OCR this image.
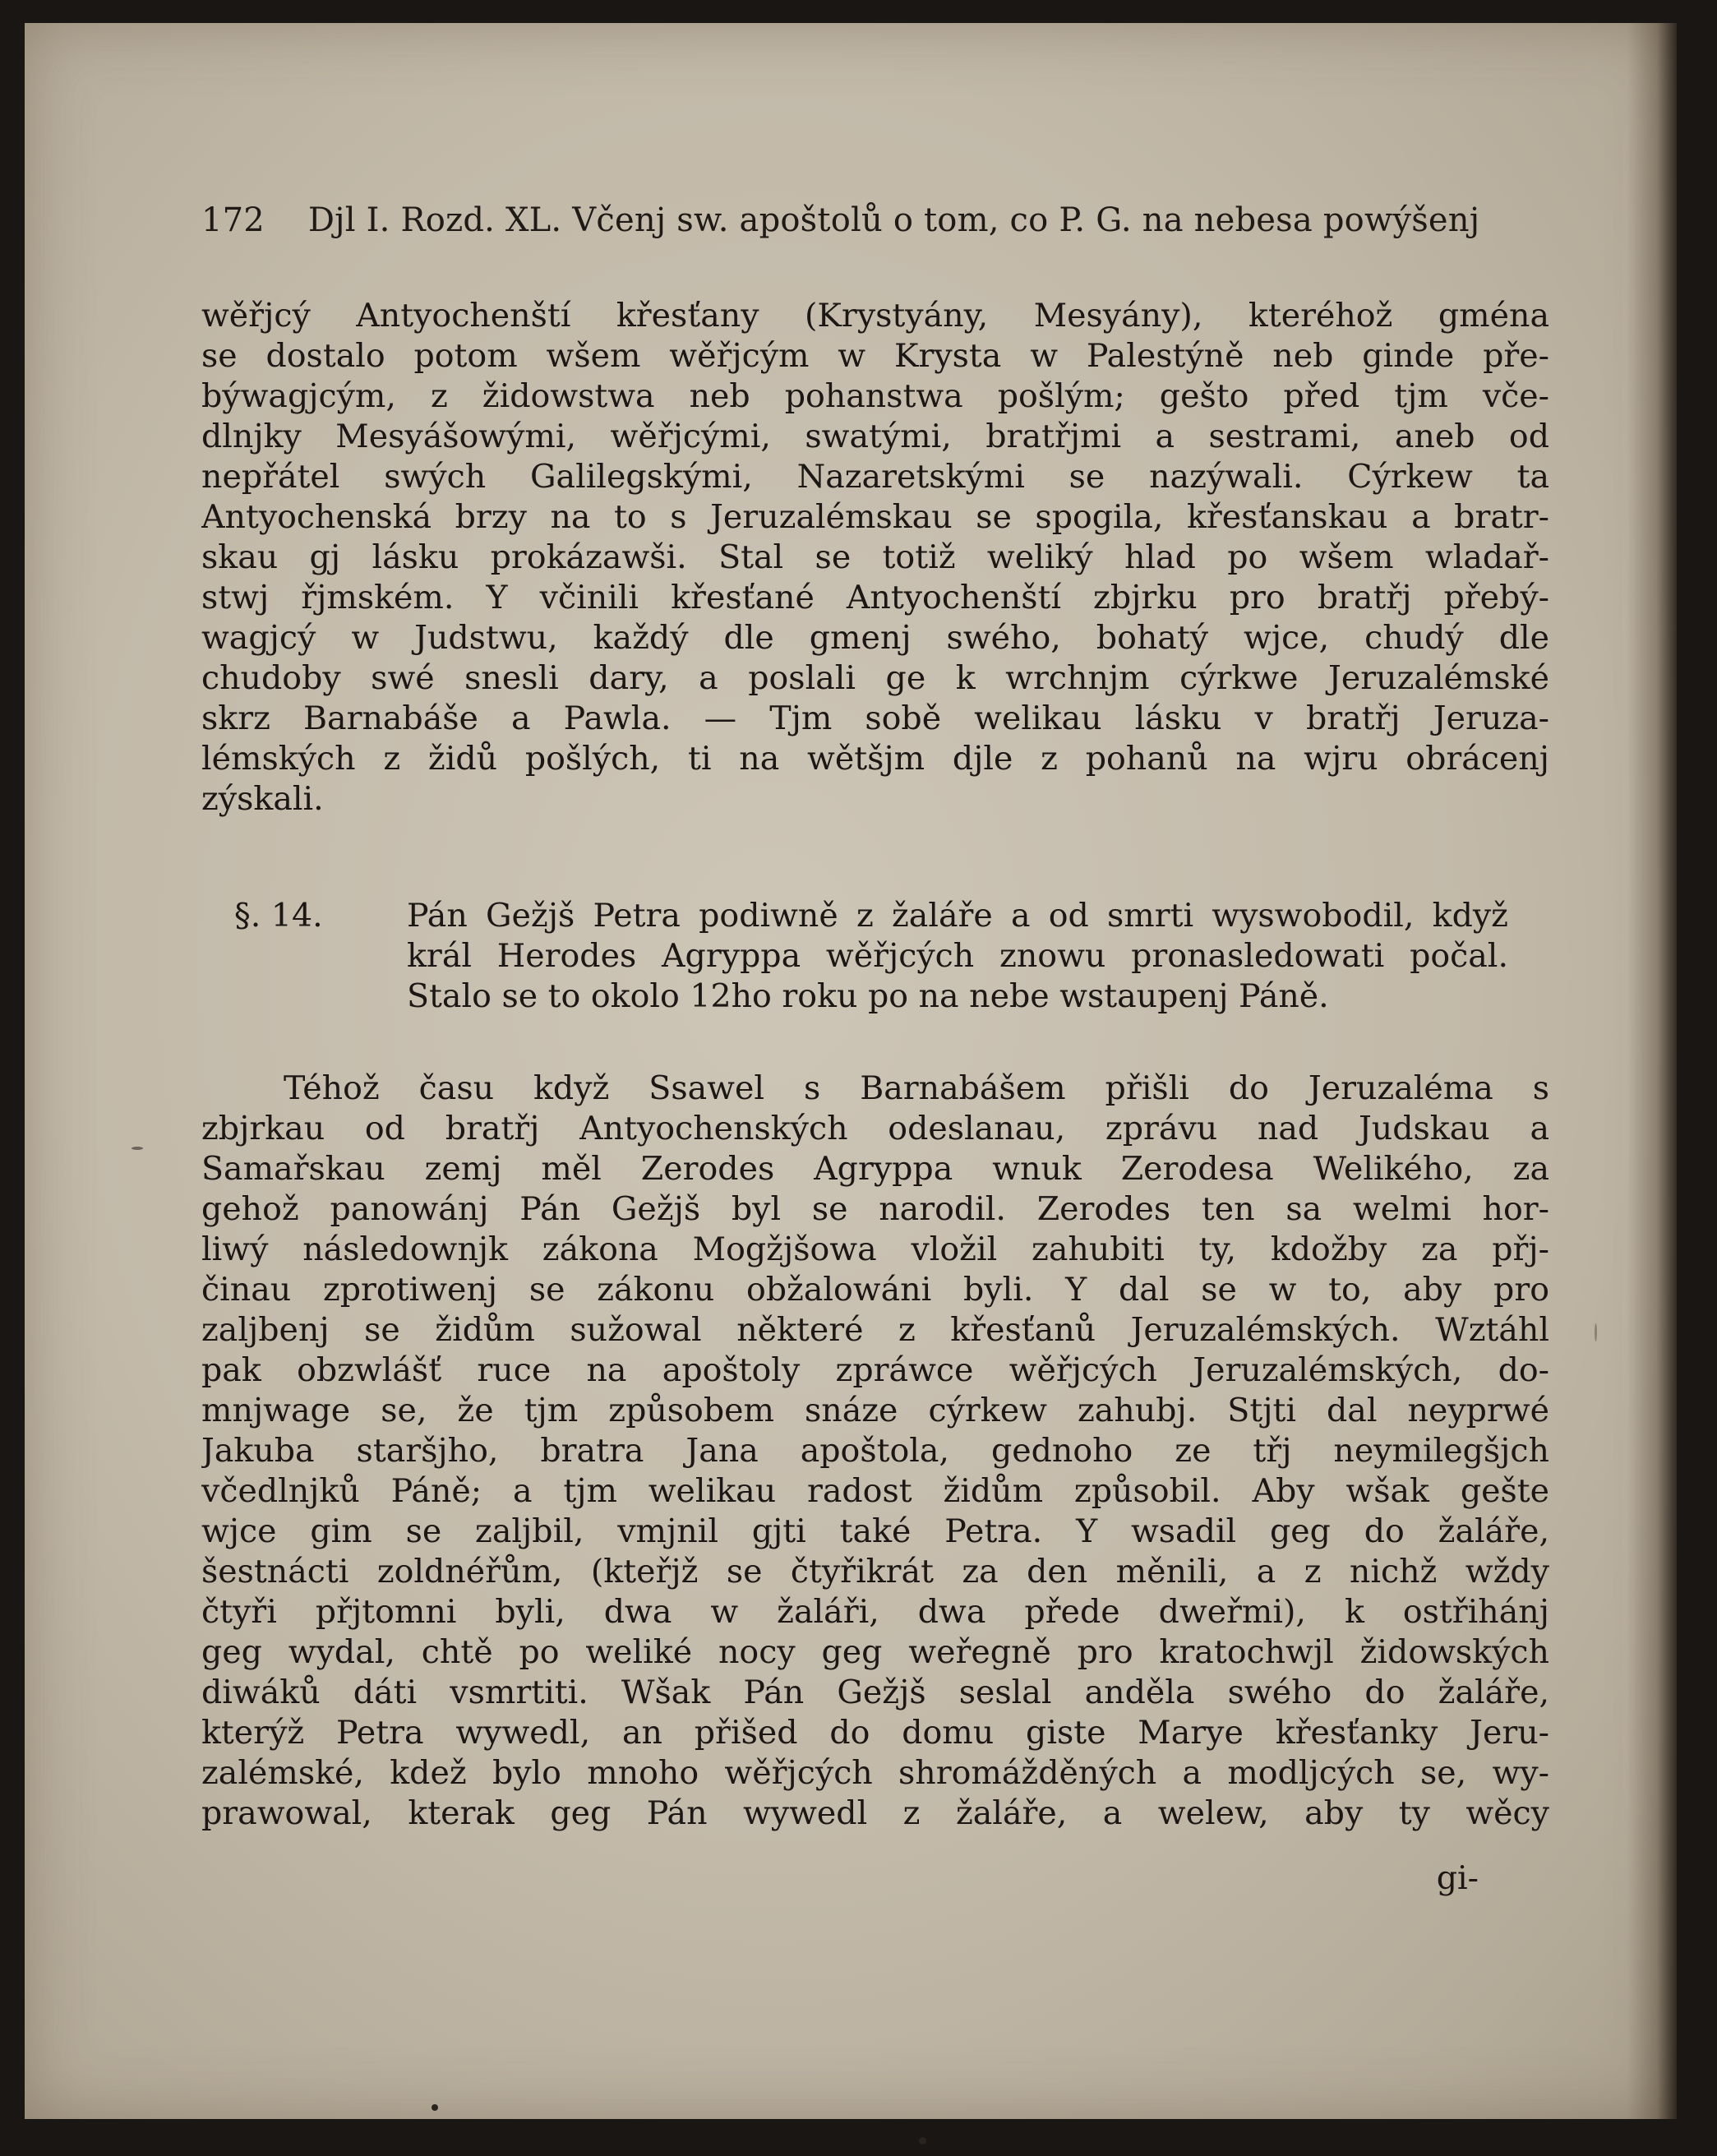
172 Djl I. Rozd. XL. Včenj sw. apoštolů o tom, co P. G. na nebesa powýšenj
wěřjcý Antyochenští křesťany (Krystyány, Mesyány), kteréhož gména
se dostalo potom wšem wěřjcým w Krysta w Palestýně neb ginde pře-
býwagjcým, z židowstwa neb pohanstwa pošlým; gešto před tjm vče-
dlnjky Mesyášowými, wěřjcými, swatými, bratřjmi a sestrami, aneb od
nepřátel swých Galilegskými, Nazaretskými se nazýwali. Cýrkew ta
Antyochenská brzy na to s Jeruzalémskau se spogila, křesťanskau a bratr-
skau gj lásku prokázawši. Stal se totiž weliký hlad po wšem wladař-
stwj řjmském. Y včinili křesťané Antyochenští zbjrku pro bratřj přebý-
wagjcý w Judstwu, každý dle gmenj swého, bohatý wjce, chudý dle
chudoby swé snesli dary, a poslali ge k wrchnjm cýrkwe Jeruzalémské
skrz Barnabáše a Pawla. — Tjm sobě welikau lásku v bratřj Jeruza-
lémských z židů pošlých, ti na wětšjm djle z pohanů na wjru obrácenj
zýskali.
§. 14.	Pán Gežjš Petra podiwně z žaláře a od smrti wyswobodil, když
král Herodes Agryppa wěřjcých znowu pronasledowati počal.
Stalo se to okolo 12ho roku po na nebe wstaupenj Páně.
Téhož času když Ssawel s Barnabášem přišli do Jeruzaléma s
zbjrkau od bratřj Antyochenských odeslanau, zprávu nad Judskau a
Samařskau zemj měl Zerodes Agryppa wnuk Zerodesa Welikého, za
gehož panowánj Pán Gežjš byl se narodil. Zerodes ten sa welmi hor-
liwý následownjk zákona Mogžjšowa vložil zahubiti ty, kdožby za přj-
činau zprotiwenj se zákonu obžalowáni byli. Y dal se w to, aby pro
zaljbenj se židům sužowal některé z křesťanů Jeruzalémských. Wztáhl
pak obzwlášť ruce na apoštoly zpráwce wěřjcých Jeruzalémských, do-
mnjwage se, že tjm způsobem snáze cýrkew zahubj. Stjti dal neyprwé
Jakuba staršjho, bratra Jana apoštola, gednoho ze třj neymilegšjch
včedlnjků Páně; a tjm welikau radost židům způsobil. Aby wšak gešte
wjce gim se zaljbil, vmjnil gjti také Petra. Y wsadil geg do žaláře,
šestnácti zoldnéřům, (kteřjž se čtyřikrát za den měnili, a z nichž wždy
čtyři přjtomni byli, dwa w žaláři, dwa přede dweřmi), k ostřihánj
geg wydal, chtě po weliké nocy geg weřegně pro kratochwjl židowských
diwáků dáti vsmrtiti. Wšak Pán Gežjš seslal anděla swého do žaláře,
kterýž Petra wywedl, an přišed do domu giste Marye křesťanky Jeru-
zalémské, kdež bylo mnoho wěřjcých shromážděných a modljcých se, wy-
prawowal, kterak geg Pán wywedl z žaláře, a welew, aby ty wěcy
gi-
